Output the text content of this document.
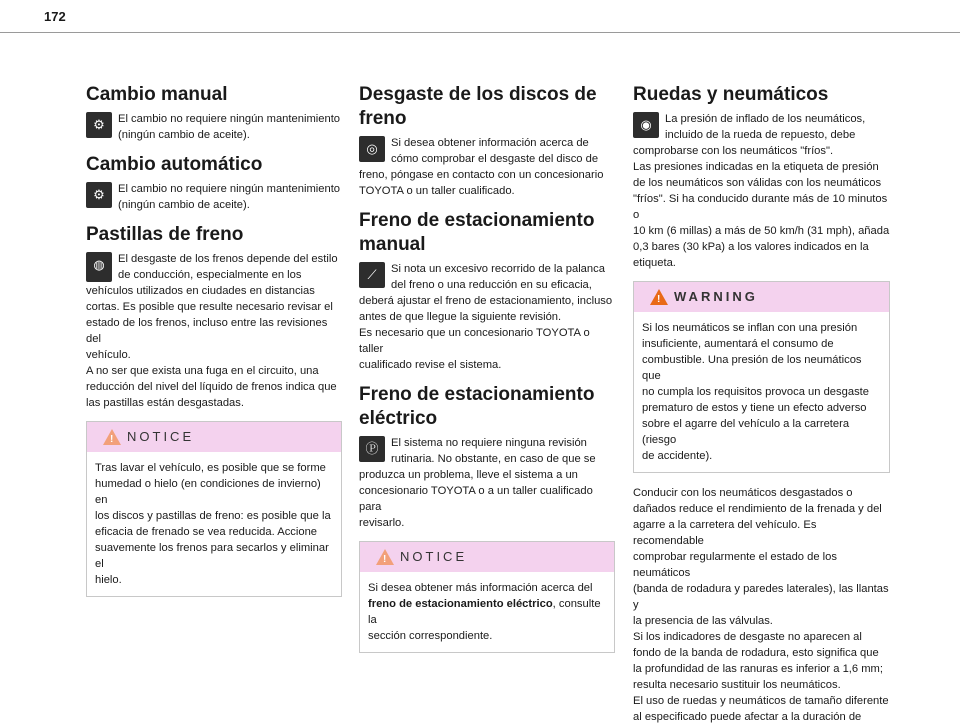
172
Cambio manual
⚙	El cambio no requiere ningún mantenimiento
(ningún cambio de aceite).
Cambio automático
⚙	El cambio no requiere ningún mantenimiento
(ningún cambio de aceite).
Pastillas de freno
◍	El desgaste de los frenos depende del estilo
de conducción, especialmente en los
vehículos utilizados en ciudades en distancias
cortas. Es posible que resulte necesario revisar el
estado de los frenos, incluso entre las revisiones del
vehículo.
A no ser que exista una fuga en el circuito, una
reducción del nivel del líquido de frenos indica que
las pastillas están desgastadas.
!
NOTICE
Tras lavar el vehículo, es posible que se forme
humedad o hielo (en condiciones de invierno) en
los discos y pastillas de freno: es posible que la
eficacia de frenado se vea reducida. Accione
suavemente los frenos para secarlos y eliminar el
hielo.
Desgaste de los discos de freno
◎	Si desea obtener información acerca de
cómo comprobar el desgaste del disco de
freno, póngase en contacto con un concesionario
TOYOTA o un taller cualificado.
Freno de estacionamiento manual
⟋	Si nota un excesivo recorrido de la palanca
del freno o una reducción en su eficacia,
deberá ajustar el freno de estacionamiento, incluso
antes de que llegue la siguiente revisión.
Es necesario que un concesionario TOYOTA o taller
cualificado revise el sistema.
Freno de estacionamiento eléctrico
Ⓟ	El sistema no requiere ninguna revisión
rutinaria. No obstante, en caso de que se
produzca un problema, lleve el sistema a un
concesionario TOYOTA o a un taller cualificado para
revisarlo.
!
NOTICE
Si desea obtener más información acerca del
freno de estacionamiento eléctrico, consulte la
sección correspondiente.
Ruedas y neumáticos
◉	La presión de inflado de los neumáticos,
incluido de la rueda de repuesto, debe
comprobarse con los neumáticos "fríos".
Las presiones indicadas en la etiqueta de presión
de los neumáticos son válidas con los neumáticos
"fríos". Si ha conducido durante más de 10 minutos o
10 km (6 millas) a más de 50 km/h (31 mph), añada
0,3 bares (30 kPa) a los valores indicados en la
etiqueta.
!
WARNING
Si los neumáticos se inflan con una presión
insuficiente, aumentará el consumo de
combustible. Una presión de los neumáticos que
no cumpla los requisitos provoca un desgaste
prematuro de estos y tiene un efecto adverso
sobre el agarre del vehículo a la carretera (riesgo
de accidente).
Conducir con los neumáticos desgastados o
dañados reduce el rendimiento de la frenada y del
agarre a la carretera del vehículo. Es recomendable
comprobar regularmente el estado de los neumáticos
(banda de rodadura y paredes laterales), las llantas y
la presencia de las válvulas.
Si los indicadores de desgaste no aparecen al
fondo de la banda de rodadura, esto significa que
la profundidad de las ranuras es inferior a 1,6 mm;
resulta necesario sustituir los neumáticos.
El uso de ruedas y neumáticos de tamaño diferente
al especificado puede afectar a la duración de
